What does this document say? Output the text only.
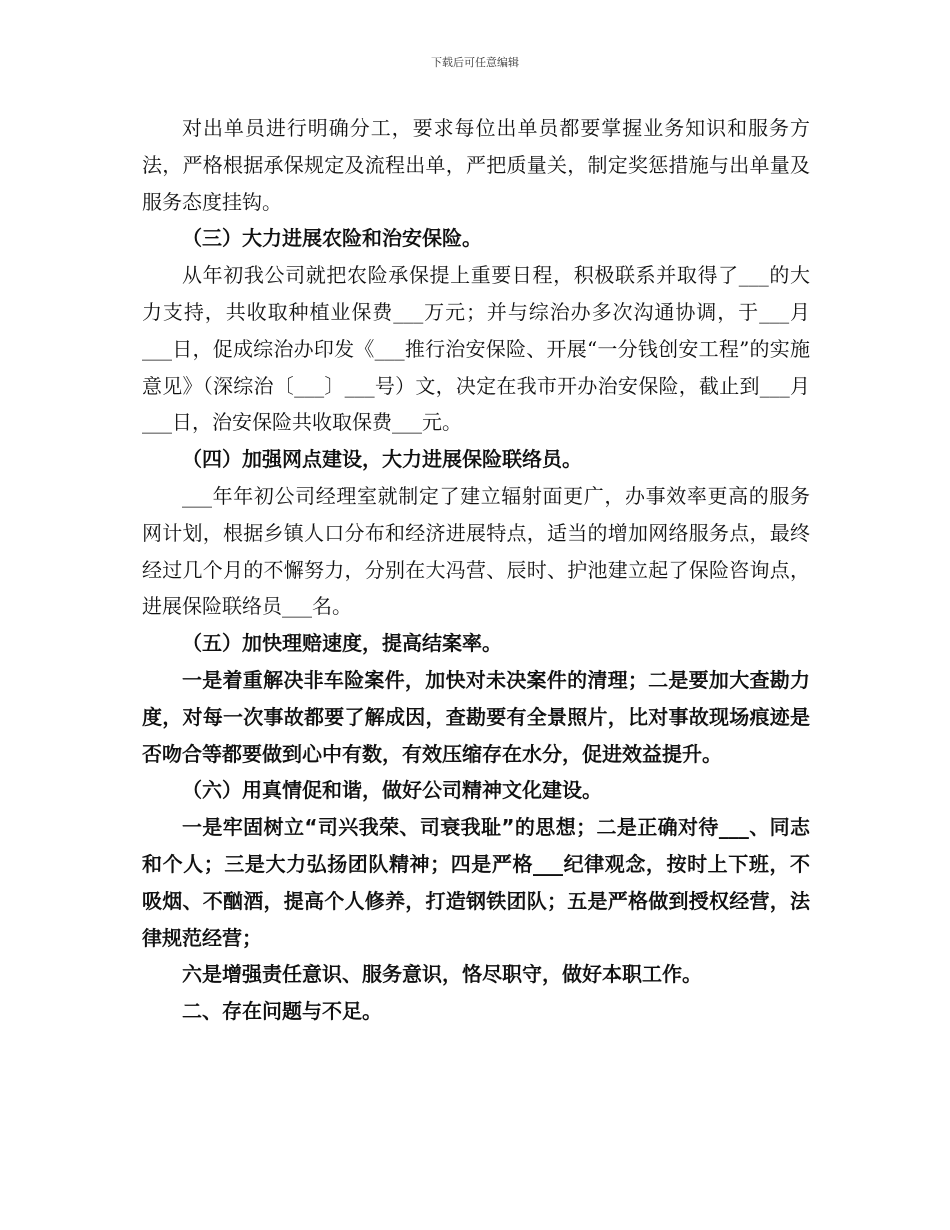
下载后可任意编辑

对出单员进行明确分工，要求每位出单员都要掌握业务知识和服务方法，严格根据承保规定及流程出单，严把质量关，制定奖惩措施与出单量及服务态度挂钩。

（三）大力进展农险和治安保险。

从年初我公司就把农险承保提上重要日程，积极联系并取得了___的大力支持，共收取种植业保费___万元；并与综治办多次沟通协调，于___月___日，促成综治办印发《___推行治安保险、开展“一分钱创安工程”的实施意见》（深综治〔___〕___号）文，决定在我市开办治安保险，截止到___月___日，治安保险共收取保费___元。

（四）加强网点建设，大力进展保险联络员。

___年年初公司经理室就制定了建立辐射面更广，办事效率更高的服务网计划，根据乡镇人口分布和经济进展特点，适当的增加网络服务点，最终经过几个月的不懈努力，分别在大冯营、辰时、护池建立起了保险咨询点，进展保险联络员___名。

（五）加快理赔速度，提高结案率。

一是着重解决非车险案件，加快对未决案件的清理；二是要加大查勘力度，对每一次事故都要了解成因，查勘要有全景照片，比对事故现场痕迹是否吻合等都要做到心中有数，有效压缩存在水分，促进效益提升。

（六）用真情促和谐，做好公司精神文化建设。

一是牢固树立“司兴我荣、司衰我耻”的思想；二是正确对待___、同志和个人；三是大力弘扬团队精神；四是严格___纪律观念，按时上下班，不吸烟、不酗酒，提高个人修养，打造钢铁团队；五是严格做到授权经营，法律规范经营；

六是增强责任意识、服务意识，恪尽职守，做好本职工作。

二、存在问题与不足。
